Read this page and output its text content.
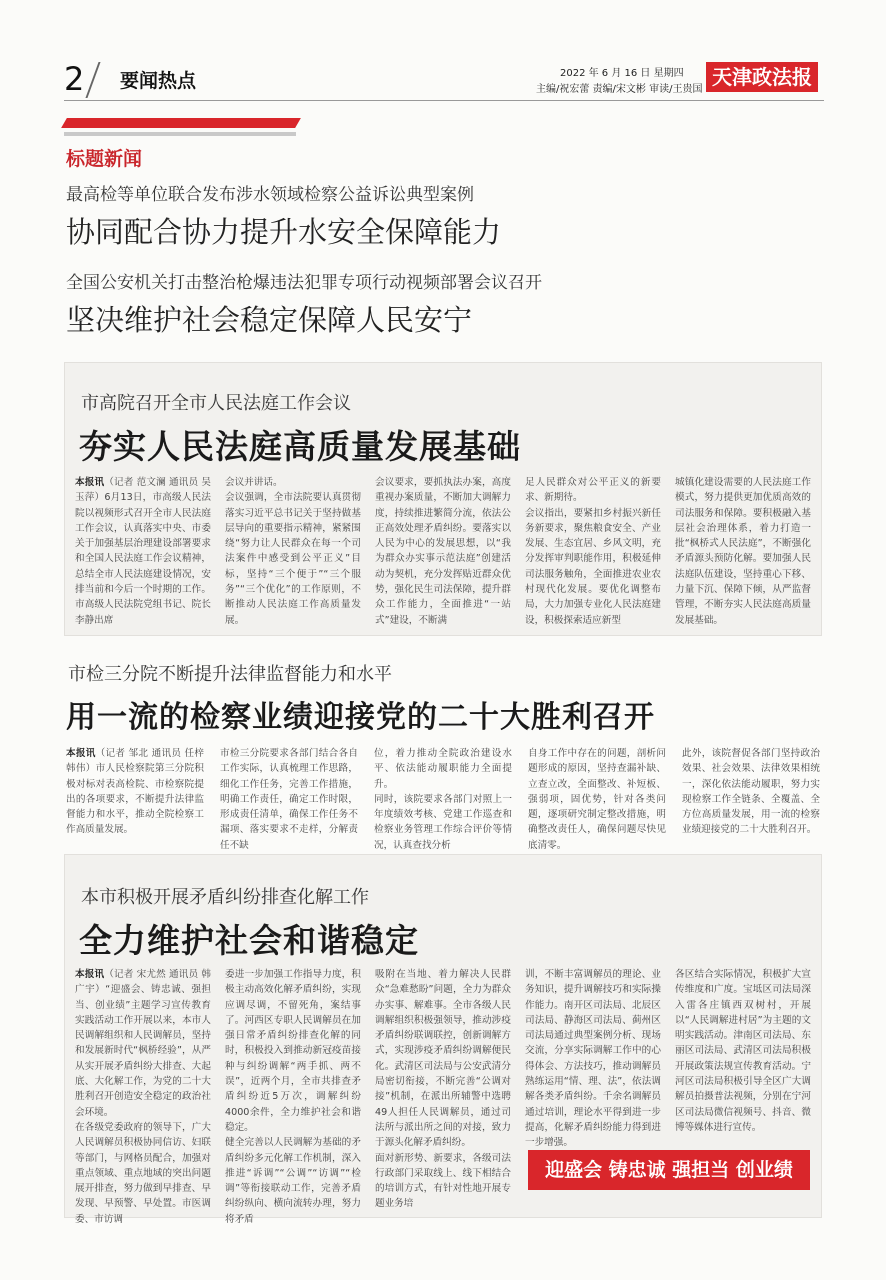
2 要闻热点	2022 年 6 月 16 日 星期四
主编/祝宏蕾 责编/宋文彬 审读/王贵国
天津政法报
标题新闻
最高检等单位联合发布涉水领域检察公益诉讼典型案例
协同配合协力提升水安全保障能力
全国公安机关打击整治枪爆违法犯罪专项行动视频部署会议召开
坚决维护社会稳定保障人民安宁
市高院召开全市人民法庭工作会议
夯实人民法庭高质量发展基础
本报讯（记者 范文澜 通讯员 吴玉萍）6月13日，市高级人民法院以视频形式召开全市人民法庭工作会议，认真落实中央、市委关于加强基层治理建设部署要求和全国人民法庭工作会议精神，总结全市人民法庭建设情况，安排当前和今后一个时期的工作。市高级人民法院党组书记、院长李静出席
会议并讲话。
会议强调，全市法院要认真贯彻落实习近平总书记关于坚持做基层导向的重要指示精神，紧紧围绕“努力让人民群众在每一个司法案件中感受到公平正义”目标，坚持“三个便于”“三个服务”“三个优化”的工作原则，不断推动人民法庭工作高质量发展。
会议要求，要抓执法办案，高度重视办案质量，不断加大调解力度，持续推进繁简分流，依法公正高效处理矛盾纠纷。要落实以人民为中心的发展思想，以“我为群众办实事示范法庭”创建活动为契机，充分发挥贴近群众优势，强化民生司法保障，提升群众工作能力，全面推进“一站式”建设，不断满
足人民群众对公平正义的新要求、新期待。
会议指出，要紧扣乡村振兴新任务新要求，聚焦粮食安全、产业发展、生态宜居、乡风文明，充分发挥审判职能作用，积极延伸司法服务触角，全面推进农业农村现代化发展。要优化调整布局，大力加强专业化人民法庭建设，积极探索适应新型
城镇化建设需要的人民法庭工作模式，努力提供更加优质高效的司法服务和保障。要积极融入基层社会治理体系，着力打造一批“枫桥式人民法庭”，不断强化矛盾源头预防化解。要加强人民法庭队伍建设，坚持重心下移、力量下沉、保障下倾，从严监督管理，不断夯实人民法庭高质量发展基础。
市检三分院不断提升法律监督能力和水平
用一流的检察业绩迎接党的二十大胜利召开
本报讯（记者 邹北 通讯员 任梓 韩伟）市人民检察院第三分院积极对标对表高检院、市检察院提出的各项要求，不断提升法律监督能力和水平，推动全院检察工作高质量发展。
市检三分院要求各部门结合各自工作实际，认真梳理工作思路，细化工作任务，完善工作措施，明确工作责任，确定工作时限，形成责任清单，确保工作任务不漏项、落实要求不走样，分解责任不缺
位，着力推动全院政治建设水平、依法能动履职能力全面提升。
同时，该院要求各部门对照上一年度绩效考核、党建工作巡查和检察业务管理工作综合评价等情况，认真查找分析
自身工作中存在的问题，剖析问题形成的原因，坚持查漏补缺、立查立改，全面整改、补短板、强弱项，固优势，针对各类问题，逐项研究制定整改措施，明确整改责任人，确保问题尽快见底清零。
此外，该院督促各部门坚持政治效果、社会效果、法律效果相统一，深化依法能动履职，努力实现检察工作全链条、全覆盖、全方位高质量发展，用一流的检察业绩迎接党的二十大胜利召开。
本市积极开展矛盾纠纷排查化解工作
全力维护社会和谐稳定
本报讯（记者 宋尤然 通讯员 韩广宇）“迎盛会、铸忠诚、强担当、创业绩”主题学习宣传教育实践活动工作开展以来，本市人民调解组织和人民调解员，坚持和发展新时代“枫桥经验”，从严从实开展矛盾纠纷大排查、大起底、大化解工作，为党的二十大胜利召开创造安全稳定的政治社会环境。
在各级党委政府的领导下，广大人民调解员积极协同信访、妇联等部门，与网格员配合，加强对重点领域、重点地域的突出问题展开排查，努力做到早排查、早发现、早预警、早处置。市医调委、市访调
委进一步加强工作指导力度，积极主动高效化解矛盾纠纷，实现应调尽调，不留死角，案结事了。河西区专职人民调解员在加强日常矛盾纠纷排查化解的同时，积极投入到推动新冠疫苗接种与纠纷调解“两手抓、两不误”，近两个月，全市共排查矛盾纠纷近5万次，调解纠纷4000余件，全力维护社会和谐稳定。
健全完善以人民调解为基础的矛盾纠纷多元化解工作机制，深入推进“诉调”“公调”“访调”“检调”等衔接联动工作，完善矛盾纠纷纵向、横向流转办理，努力将矛盾
吸附在当地、着力解决人民群众“急难愁盼”问题，全力为群众办实事、解难事。全市各级人民调解组织积极强领导，推动涉疫矛盾纠纷联调联控，创新调解方式，实现涉疫矛盾纠纷调解便民化。武清区司法局与公安武清分局密切衔接，不断完善“公调对接”机制，在派出所辅警中选聘49人担任人民调解员，通过司法所与派出所之间的对接，致力于源头化解矛盾纠纷。
面对新形势、新要求，各级司法行政部门采取线上、线下相结合的培训方式，有针对性地开展专题业务培
训，不断丰富调解员的理论、业务知识，提升调解技巧和实际操作能力。南开区司法局、北辰区司法局、静海区司法局、蓟州区司法局通过典型案例分析、现场交流，分享实际调解工作中的心得体会、方法技巧，推动调解员熟练运用“情、理、法”，依法调解各类矛盾纠纷。千余名调解员通过培训，理论水平得到进一步提高，化解矛盾纠纷能力得到进一步增强。
各区结合实际情况，积极扩大宣传维度和广度。宝坻区司法局深入雷各庄镇西双树村，开展以“人民调解进村居”为主题的文明实践活动。津南区司法局、东丽区司法局、武清区司法局积极开展政策法规宣传教育活动。宁河区司法局积极引导全区广大调解员拍摄普法视频，分别在宁河区司法局微信视频号、抖音、微博等媒体进行宣传。
迎盛会 铸忠诚 强担当 创业绩
